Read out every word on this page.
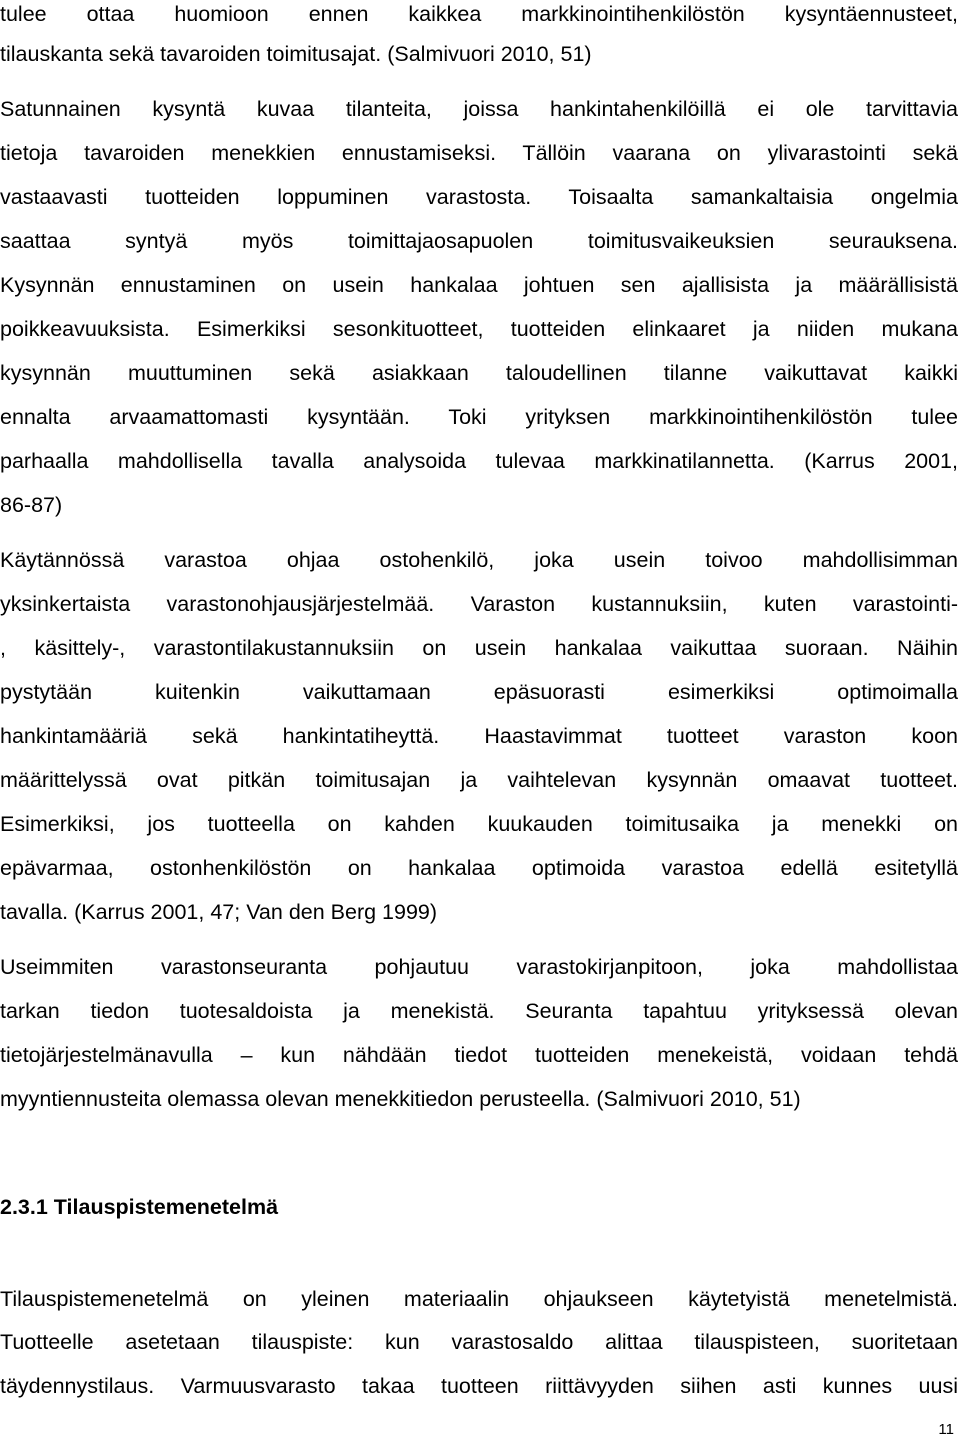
tulee ottaa huomioon ennen kaikkea markkinointihenkilöstön kysyntäennusteet,
tilauskanta sekä tavaroiden toimitusajat. (Salmivuori 2010, 51)
Satunnainen kysyntä kuvaa tilanteita, joissa hankintahenkilöillä ei ole tarvittavia
tietoja tavaroiden menekkien ennustamiseksi. Tällöin vaarana on ylivarastointi sekä
vastaavasti tuotteiden loppuminen varastosta. Toisaalta samankaltaisia ongelmia
saattaa syntyä myös toimittajaosapuolen toimitusvaikeuksien seurauksena.
Kysynnän ennustaminen on usein hankalaa johtuen sen ajallisista ja määrällisistä
poikkeavuuksista. Esimerkiksi sesonkituotteet, tuotteiden elinkaaret ja niiden mukana
kysynnän muuttuminen sekä asiakkaan taloudellinen tilanne vaikuttavat kaikki
ennalta arvaamattomasti kysyntään. Toki yrityksen markkinointihenkilöstön tulee
parhaalla mahdollisella tavalla analysoida tulevaa markkinatilannetta. (Karrus 2001,
86-87)
Käytännössä varastoa ohjaa ostohenkilö, joka usein toivoo mahdollisimman
yksinkertaista varastonohjausjärjestelmää. Varaston kustannuksiin, kuten varastointi-
, käsittely-, varastontilakustannuksiin on usein hankalaa vaikuttaa suoraan. Näihin
pystytään kuitenkin vaikuttamaan epäsuorasti esimerkiksi optimoimalla
hankintamääriä sekä hankintatiheyttä. Haastavimmat tuotteet varaston koon
määrittelyssä ovat pitkän toimitusajan ja vaihtelevan kysynnän omaavat tuotteet.
Esimerkiksi, jos tuotteella on kahden kuukauden toimitusaika ja menekki on
epävarmaa, ostonhenkilöstön on hankalaa optimoida varastoa edellä esitetyllä
tavalla. (Karrus 2001, 47; Van den Berg 1999)
Useimmiten varastonseuranta pohjautuu varastokirjanpitoon, joka mahdollistaa
tarkan tiedon tuotesaldoista ja menekistä. Seuranta tapahtuu yrityksessä olevan
tietojärjestelmänavulla – kun nähdään tiedot tuotteiden menekeistä, voidaan tehdä
myyntiennusteita olemassa olevan menekkitiedon perusteella. (Salmivuori 2010, 51)
2.3.1 Tilauspistemenetelmä
Tilauspistemenetelmä on yleinen materiaalin ohjaukseen käytetyistä menetelmistä.
Tuotteelle asetetaan tilauspiste: kun varastosaldo alittaa tilauspisteen, suoritetaan
täydennystilaus. Varmuusvarasto takaa tuotteen riittävyyden siihen asti kunnes uusi
11
